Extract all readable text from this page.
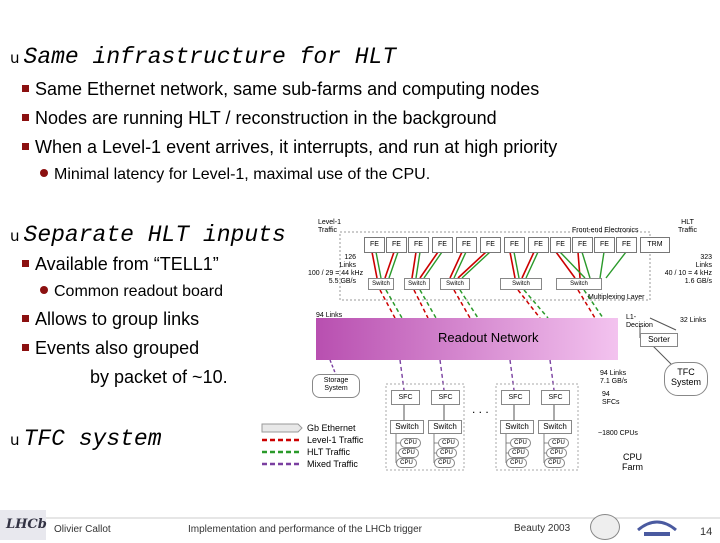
u Same infrastructure for HLT
Same Ethernet network, same sub-farms and computing nodes
Nodes are running HLT / reconstruction in the background
When a Level-1 event arrives, it interrupts, and run at high priority
Minimal latency for Level-1, maximal use of the CPU.
u Separate HLT inputs
Available from “TELL1”
Common readout board
Allows to group links
Events also grouped
by packet of ~10.
u TFC system
Level-1
Traffic	Front-end Electronics
HLT
Traffic
FE	FE	FE	FE	FE	FE	FE	FE	FE	FE	FE	FE	TRM
126
Links
100 / 29 = 44 kHz
5.5 GB/s
323
Links
40 / 10 = 4 kHz
1.6 GB/s
Switch	Switch	Switch	Switch	Switch
Multiplexing Layer
94 Links
32 Links
L1-
Decision
Readout Network	Sorter
Storage
System
TFC
System
94 Links
7.1 GB/s
94
SFCs
SFC	SFC	SFC	SFC
. . .
Switch	Switch	Switch	Switch
CPU
CPU
CPU
CPU
CPU
CPU
CPU
CPU
CPU
CPU
CPU
CPU
~1800 CPUs
CPU
Farm
Gb Ethernet
Level-1 Traffic
HLT Traffic
Mixed Traffic
LHCb Olivier Callot	Implementation and performance of the LHCb trigger	Beauty 2003	14
